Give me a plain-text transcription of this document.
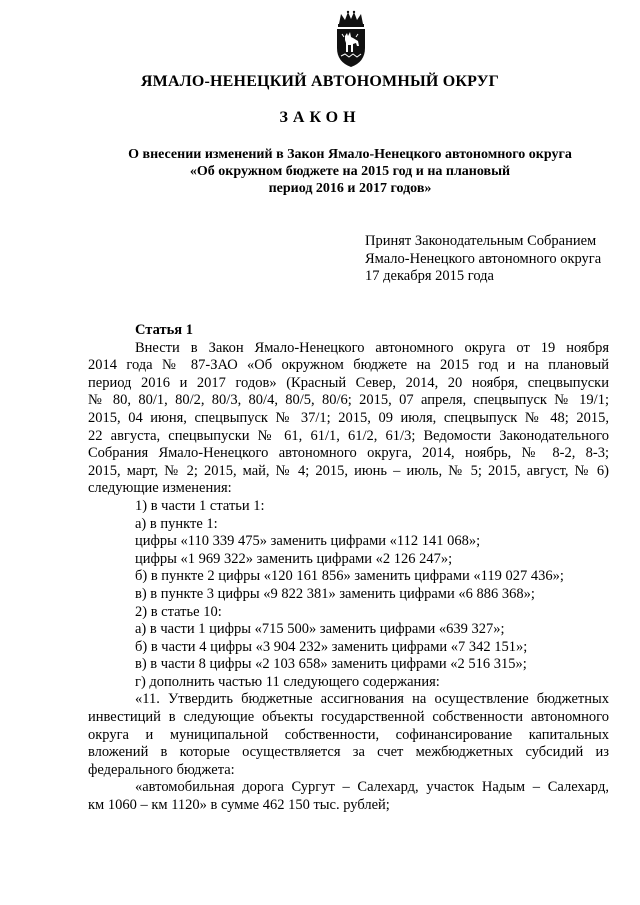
ЯМАЛО-НЕНЕЦКИЙ АВТОНОМНЫЙ ОКРУГ
ЗАКОН
О внесении изменений в Закон Ямало-Ненецкого автономного округа
«Об окружном бюджете на 2015 год и на плановый
период 2016 и 2017 годов»
Принят Законодательным Собранием
Ямало-Ненецкого автономного округа
17 декабря 2015 года
Статья 1
Внести в Закон Ямало-Ненецкого автономного округа от 19 ноября
2014 года № 87-ЗАО «Об окружном бюджете на 2015 год и на плановый
период 2016 и 2017 годов» (Красный Север, 2014, 20 ноября, спецвыпуски
№ 80, 80/1, 80/2, 80/3, 80/4, 80/5, 80/6; 2015, 07 апреля, спецвыпуск № 19/1;
2015, 04 июня, спецвыпуск № 37/1; 2015, 09 июля, спецвыпуск № 48; 2015,
22 августа, спецвыпуски № 61, 61/1, 61/2, 61/3; Ведомости Законодательного
Собрания Ямало-Ненецкого автономного округа, 2014, ноябрь, № 8-2, 8-3;
2015, март, № 2; 2015, май, № 4; 2015, июнь – июль, № 5; 2015, август, № 6)
следующие изменения:
1) в части 1 статьи 1:
а) в пункте 1:
цифры «110 339 475» заменить цифрами «112 141 068»;
цифры «1 969 322» заменить цифрами «2 126 247»;
б) в пункте 2 цифры «120 161 856» заменить цифрами «119 027 436»;
в) в пункте 3 цифры «9 822 381» заменить цифрами «6 886 368»;
2) в статье 10:
а) в части 1 цифры «715 500» заменить цифрами «639 327»;
б) в части 4 цифры «3 904 232» заменить цифрами «7 342 151»;
в) в части 8 цифры «2 103 658» заменить цифрами «2 516 315»;
г) дополнить частью 11 следующего содержания:
«11. Утвердить бюджетные ассигнования на осуществление бюджетных
инвестиций в следующие объекты государственной собственности автономного
округа и муниципальной собственности, софинансирование капитальных
вложений в которые осуществляется за счет межбюджетных субсидий из
федерального бюджета:
«автомобильная дорога Сургут – Салехард, участок Надым – Салехард,
км 1060 – км 1120» в сумме 462 150 тыс. рублей;
